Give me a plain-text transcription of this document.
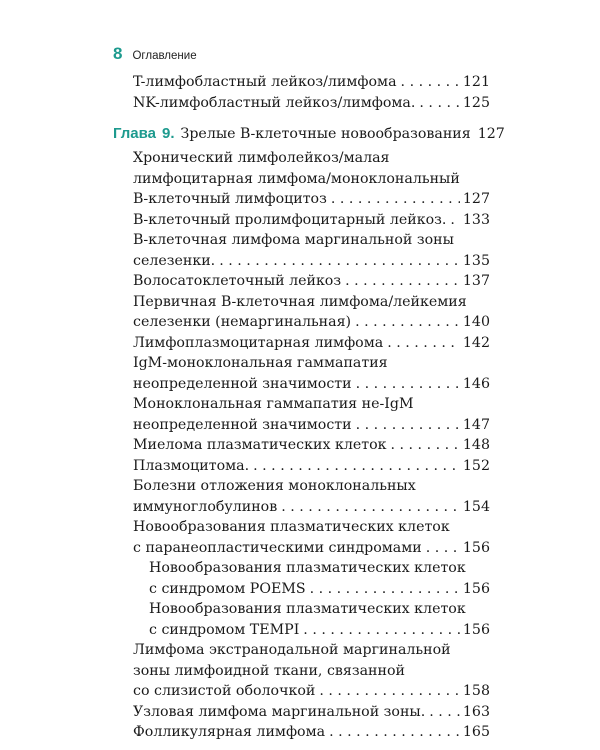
8 Оглавление
T-лимфобластный лейкоз/лимфома . . .	121
NK-лимфобластный лейкоз/лимфома. . . .	125
Глава 9. Зрелые В-клеточные новообразования 127
Хронический лимфолейкоз/малая
лимфоцитарная лимфома/моноклональный
В-клеточный лимфоцитоз . . .	127
В-клеточный пролимфоцитарный лейкоз. . . . 133
В-клеточная лимфома маргинальной зоны
селезенки. . . .	135
Волосатоклеточный лейкоз . . .	137
Первичная В-клеточная лимфома/лейкемия
селезенки (немаргинальная) . . .	140
Лимфоплазмоцитарная лимфома . . .	142
IgM-моноклональная гаммапатия
неопределенной значимости . . .	146
Моноклональная гаммапатия не-IgM
неопределенной значимости . . .	147
Миелома плазматических клеток . . .	148
Плазмоцитома. . . .	152
Болезни отложения моноклональных
иммуноглобулинов . . .	154
Новообразования плазматических клеток
с паранеопластическими синдромами . . .	156
Новообразования плазматических клеток
с синдромом POEMS . . .	156
Новообразования плазматических клеток
с синдромом TEMPI . . .	156
Лимфома экстранодальной маргинальной
зоны лимфоидной ткани, связанной
со слизистой оболочкой . . .	158
Узловая лимфома маргинальной зоны. . . .	163
Фолликулярная лимфома . . .	165
